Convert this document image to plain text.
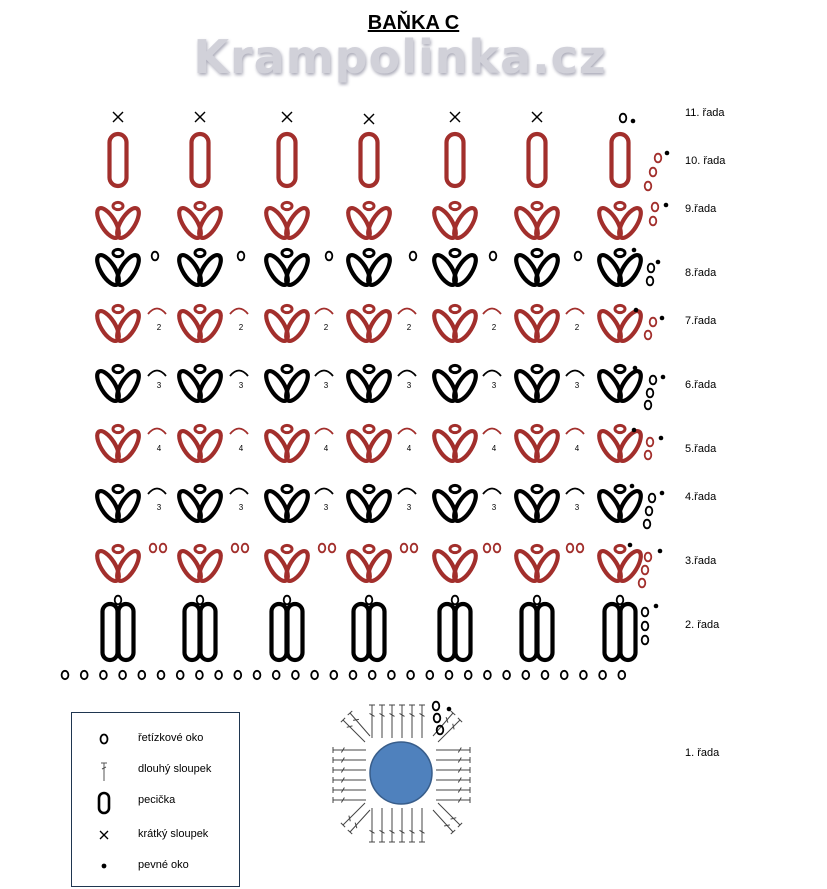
BAŇKA C
Krampolinka.cz
2	2	2	2	2	2
3	3	3	3	3	3
4	4	4	4	4	4
3	3	3	3	3	3
11. řada
10. řada
9.řada
8.řada
7.řada
6.řada
5.řada
4.řada
3.řada
2. řada
1. řada
řetízkové oko
dlouhý sloupek
pecička
krátký sloupek
pevné oko
